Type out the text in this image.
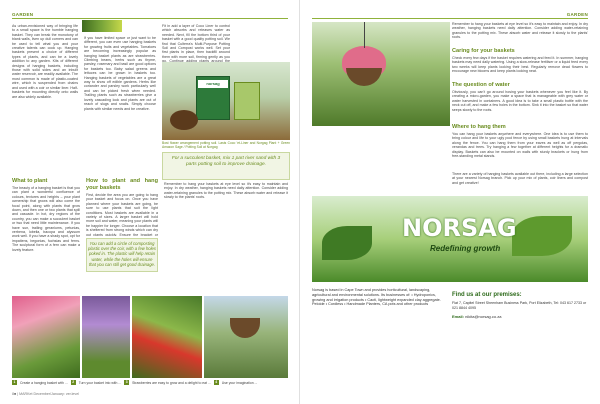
GARDEN

As urban-envisioned way of bringing life to a small space is the humble hanging basket. They can break the monotony of blank walls, liven up dull corners and can be used to tell what you and your creative talents can cook up. Hanging baskets present a choice of different types of plants, and can be a lovely addition to any garden. Kits of different designs of hanging baskets, including those with solid sides and an inbuilt water reservoir, are readily available. The most common is made of plastic-coated wire, which is suspended from chains and used with a coir or similar liner. Half-baskets for mounting directly onto walls are also widely available.

If you have limited space or just want to be different, you can even use hanging baskets for growing fruits and vegetables. Tomatoes are becoming increasingly popular as hanging basket plants as are strawberries. Climbing beans, herbs such as thyme, parsley, rosemary and basil are good options for baskets too. Baby salad greens and lettuces can be grown in baskets too. Hanging baskets of vegetables are a great way to show off edible gardens. Herbs like coriander and parsley work particularly well and can be picked fresh when needed. Trailing plants such as strawberries give a lovely cascading look and plants are out of reach of slugs and snails. Simply choose plants with similar needs and be creative.

Fit in add a layer of Coco Liner to control which absorbs and releases water as needed. Next, fill the bottom third of your basket with a good quality potting soil. We find that Culterra's Multi-Purpose Potting Soil and Compost works well. Set your first plants in place, then backfill around them with more soil, firming gently as you

norsag

Bost flower arrangement potting soil. Lasts Coco 'et-Liner and Norgag Plant + Green Amazon Sage / Potting Soil at Norgag

For a succulent basket, mix 1 part river sand with 3 parts potting soil to improve drainage.
What to plant

The beauty of a hanging basket is that you can plant a wonderful confluence of colours, textures and heights – your plant ownership that grows will also come the focal point, along with plants that grow down, and then one or two plants that spill and cascade. In hot, dry regions of the country, you can make a succulent basket or two that need little maintenance. If you have sun, trailing geraniums, petunias, verbena, lobelia, bacopa and alyssum work well. If you have a shady spot, opt for impatiens, begonias, fuchsias and ferns. The sculptural form of a fern can make a lovely feature.

How to plant and hang your baskets

First, decide the area you are going to hang your basket and focus on. Once you have planned where your baskets are going, be sure to use plants that suit the light conditions. Most baskets are available in a variety of sizes. A larger basket will hold more soil and water, meaning your plants will be happier for longer. Choose a location that is sheltered from strong winds which can dry out plants quickly. Ensure the bracket or

You can add a circle of composting plastic over the coir, with a few holes poked in. The plastic will help retain water, while the holes will ensure that you can still get good drainage.

Remember to hang your baskets at eye level so it's easy to maintain and enjoy. In dry weather, hanging baskets need daily attention. Consider adding water-retaining granules to the potting mix. These absorb water and release it slowly to the plants' roots.

1	Create a hanging basket with ...	2	Turn your basket into with ...	3	Strawberries are easy to grow and a delight to eat ...	4	Use your imagination ...
8■ | MARKet December/January: ver.level
GARDEN

Remember to hang your baskets at eye level so it's easy to maintain and enjoy. In dry weather, hanging baskets need daily attention. Consider adding water-retaining granules to the potting mix. These absorb water and release it slowly to the plants' roots.

Caring for your baskets

Check every few days if the basket requires watering and feed it. In summer, hanging baskets may need daily watering. Using a slow-release fertiliser or a liquid feed every two weeks will keep plants looking their best. Regularly remove dead flowers to encourage new blooms and keep plants looking neat.

The question of water

Obviously, you can't go around hosing your baskets whenever you feel like it. By creating a micro-garden, you make a space that is manageable with grey water or water harvested in containers. A good idea is to take a small plastic bottle with the neck cut off, and make a few holes in the bottom. Sink it into the basket so that water seeps slowly to the roots.

Where to hang them

You can hang your baskets anywhere and everywhere. One idea is to use them to bring colour and life to your ugly pool fence by using small baskets hung at intervals along the fence. You can hang them from your eaves as well as off pergolas, verandas and trees. Try hanging a few together at different heights for a dramatic display. Baskets can also be mounted on walls with sturdy brackets or hung from free-standing metal stands.

There are a variety of hanging baskets available out there, including a large selection at your nearest Norsag branch. Pick up your mix of plants, coir liners and compost and get creative!

NORSAG
Redefining growth
Norsag is based in Cape Town and provides horticultural, landscaping, agricultural and environmental solutions. Its businesses of: • Hydroponics, growing and irrigation products • Cacti, lightweight expanded clay aggregate. Peloide • Cordless • Handmade Planters, CA pots and other products
Find us at our premises:
Flat 7, Capitel Street Sheenham Business Park, Port Elizabeth, Tel: 043 617 2733 or 021 8844 4095
Email: nikita@norsag.co.za
